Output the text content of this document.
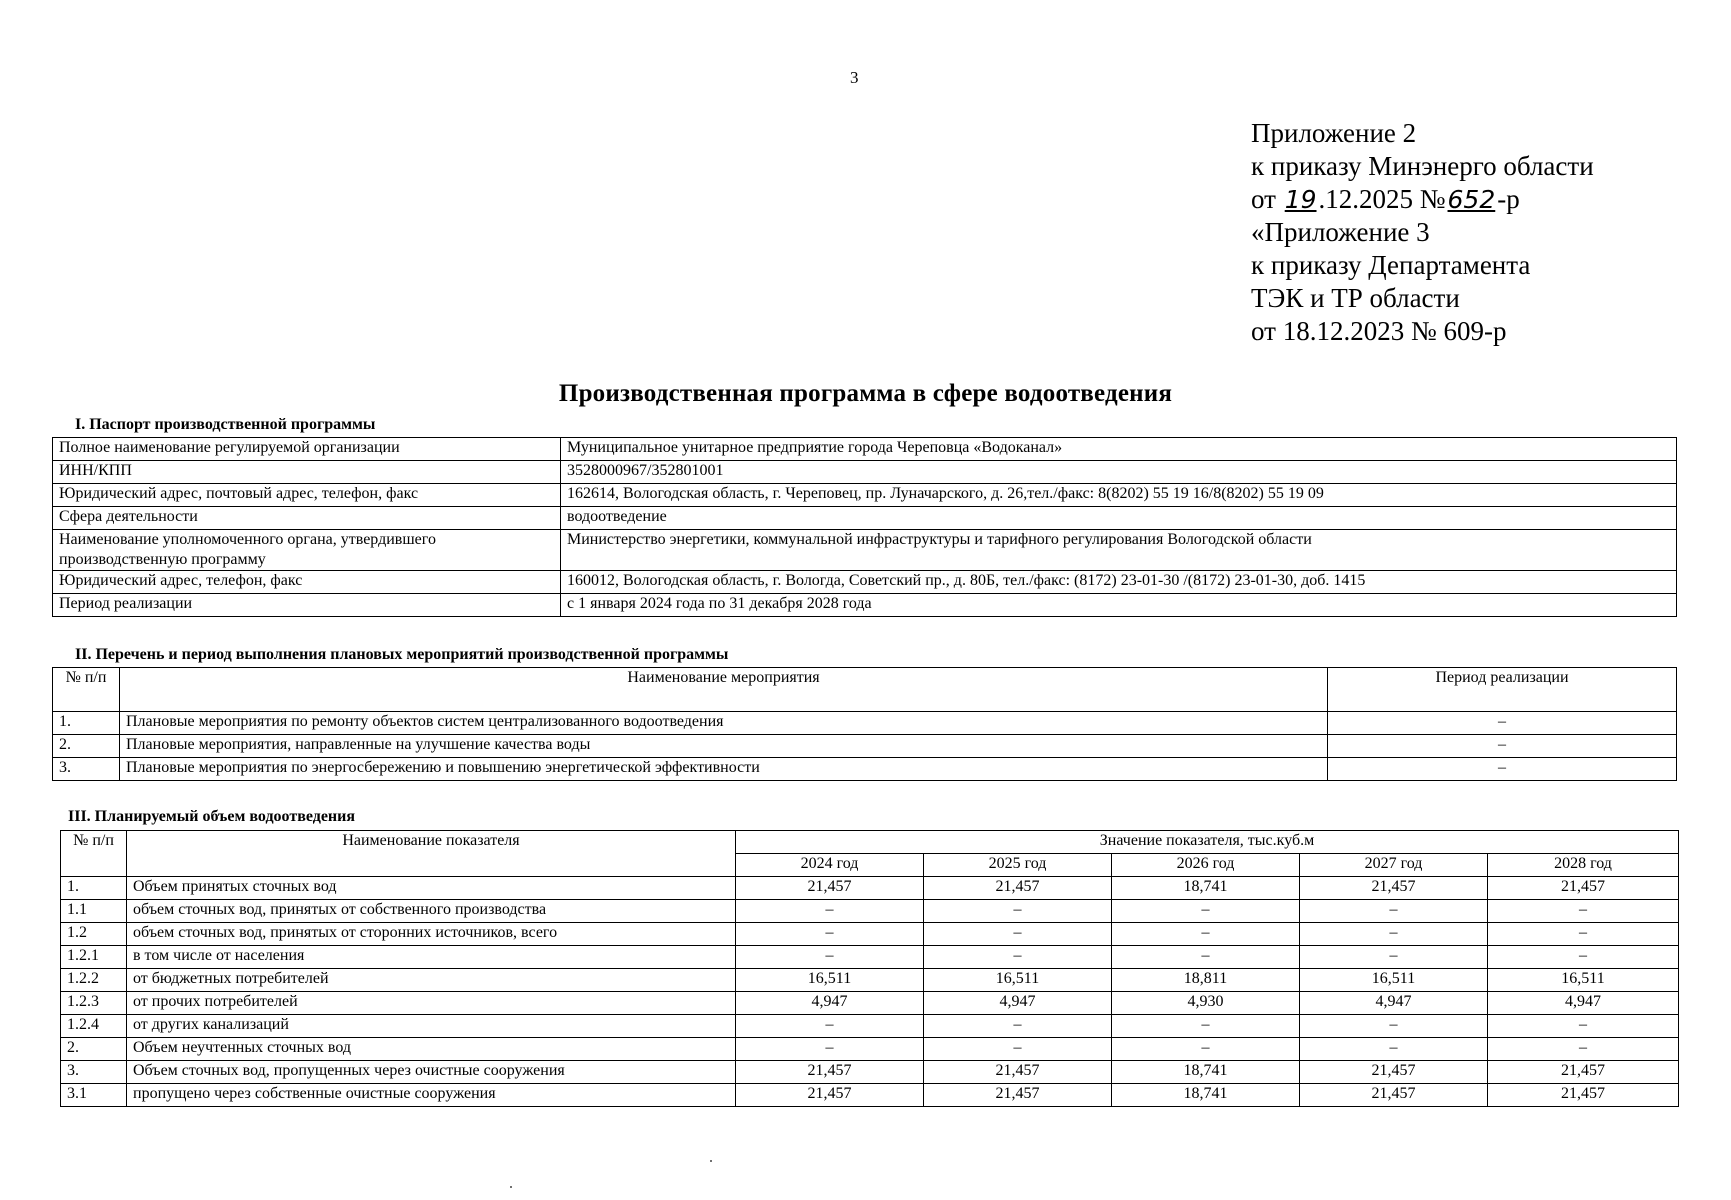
3
Приложение 2
к приказу Минэнерго области
от 19.12.2025 №652-р
«Приложение 3
к приказу Департамента
ТЭК и ТР области
от 18.12.2023 № 609-р
Производственная программа в сфере водоотведения
I. Паспорт производственной программы
Полное наименование регулируемой организации	Муниципальное унитарное предприятие города Череповца «Водоканал»
ИНН/КПП	3528000967/352801001
Юридический адрес, почтовый адрес, телефон, факс	162614, Вологодская область, г. Череповец, пр. Луначарского, д. 26,тел./факс: 8(8202) 55 19 16/8(8202) 55 19 09
Сфера деятельности	водоотведение
Наименование уполномоченного органа, утвердившего производственную программу	Министерство энергетики, коммунальной инфраструктуры и тарифного регулирования Вологодской области
Юридический адрес, телефон, факс	160012, Вологодская область, г. Вологда, Советский пр., д. 80Б, тел./факс: (8172) 23-01-30 /(8172) 23-01-30, доб. 1415
Период реализации	с 1 января 2024 года по 31 декабря 2028 года
II. Перечень и период выполнения плановых мероприятий производственной программы
№ п/п	Наименование мероприятия	Период реализации
1.	Плановые мероприятия по ремонту объектов систем централизованного водоотведения	–
2.	Плановые мероприятия, направленные на улучшение качества воды	–
3.	Плановые мероприятия по энергосбережению и повышению энергетической эффективности	–
III. Планируемый объем водоотведения
№ п/п	Наименование показателя	Значение показателя, тыс.куб.м				
		2024 год	2025 год	2026 год	2027 год	2028 год
1.	Объем принятых сточных вод	21,457	21,457	18,741	21,457	21,457
1.1	объем сточных вод, принятых от собственного производства	–	–	–	–	–
1.2	объем сточных вод, принятых от сторонних источников, всего	–	–	–	–	–
1.2.1	в том числе от населения	–	–	–	–	–
1.2.2	от бюджетных потребителей	16,511	16,511	18,811	16,511	16,511
1.2.3	от прочих потребителей	4,947	4,947	4,930	4,947	4,947
1.2.4	от других канализаций	–	–	–	–	–
2.	Объем неучтенных сточных вод	–	–	–	–	–
3.	Объем сточных вод, пропущенных через очистные сооружения	21,457	21,457	18,741	21,457	21,457
3.1	пропущено через собственные очистные сооружения	21,457	21,457	18,741	21,457	21,457
